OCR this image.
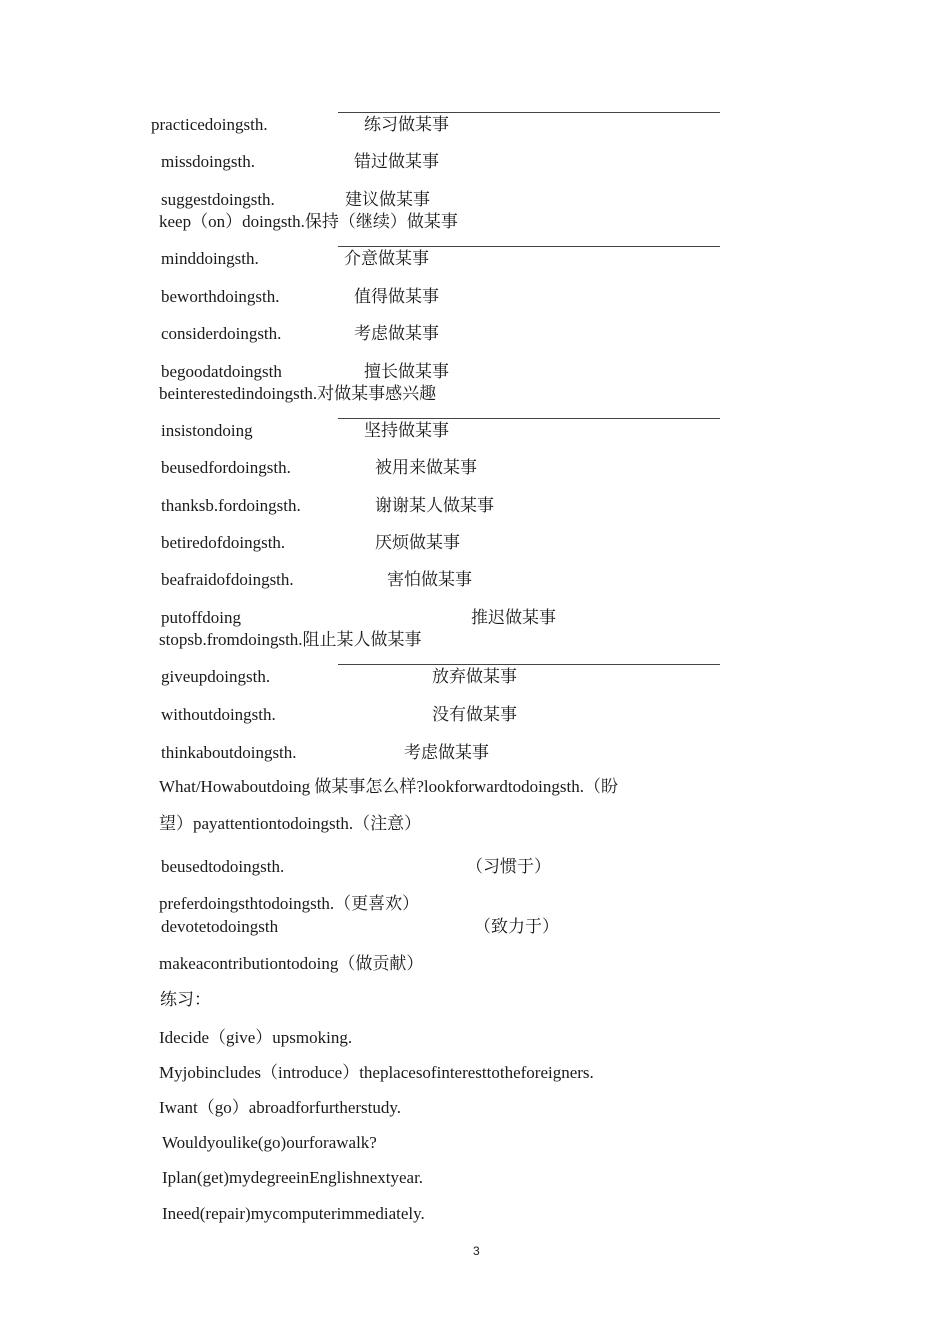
practicedoingsth.	练习做某事
missdoingsth.	错过做某事
suggestdoingsth.	建议做某事
keep（on）doingsth.保持（继续）做某事
minddoingsth.	介意做某事
beworthdoingsth.	值得做某事
considerdoingsth.	考虑做某事
begoodatdoingsth	擅长做某事
beinterestedindoingsth.对做某事感兴趣
insistondoing	坚持做某事
beusedfordoingsth.	被用来做某事
thanksb.fordoingsth.	谢谢某人做某事
betiredofdoingsth.	厌烦做某事
beafraidofdoingsth.	害怕做某事
putoffdoing	推迟做某事
stopsb.fromdoingsth.阻止某人做某事
giveupdoingsth.	放弃做某事
withoutdoingsth.	没有做某事
thinkaboutdoingsth.	考虑做某事
What/Howaboutdoing 做某事怎么样?lookforwardtodoingsth.（盼
望）payattentiontodoingsth.（注意）
beusedtodoingsth.	（习惯于）
preferdoingsthtodoingsth.（更喜欢）
devotetodoingsth	（致力于）
makeacontributiontodoing（做贡献）
练习：
Idecide（give）upsmoking.
Myjobincludes（introduce）theplacesofinteresttotheforeigners.
Iwant（go）abroadforfurtherstudy.
Wouldyoulike(go)ourforawalk?
Iplan(get)mydegreeinEnglishnextyear.
Ineed(repair)mycomputerimmediately.
3
